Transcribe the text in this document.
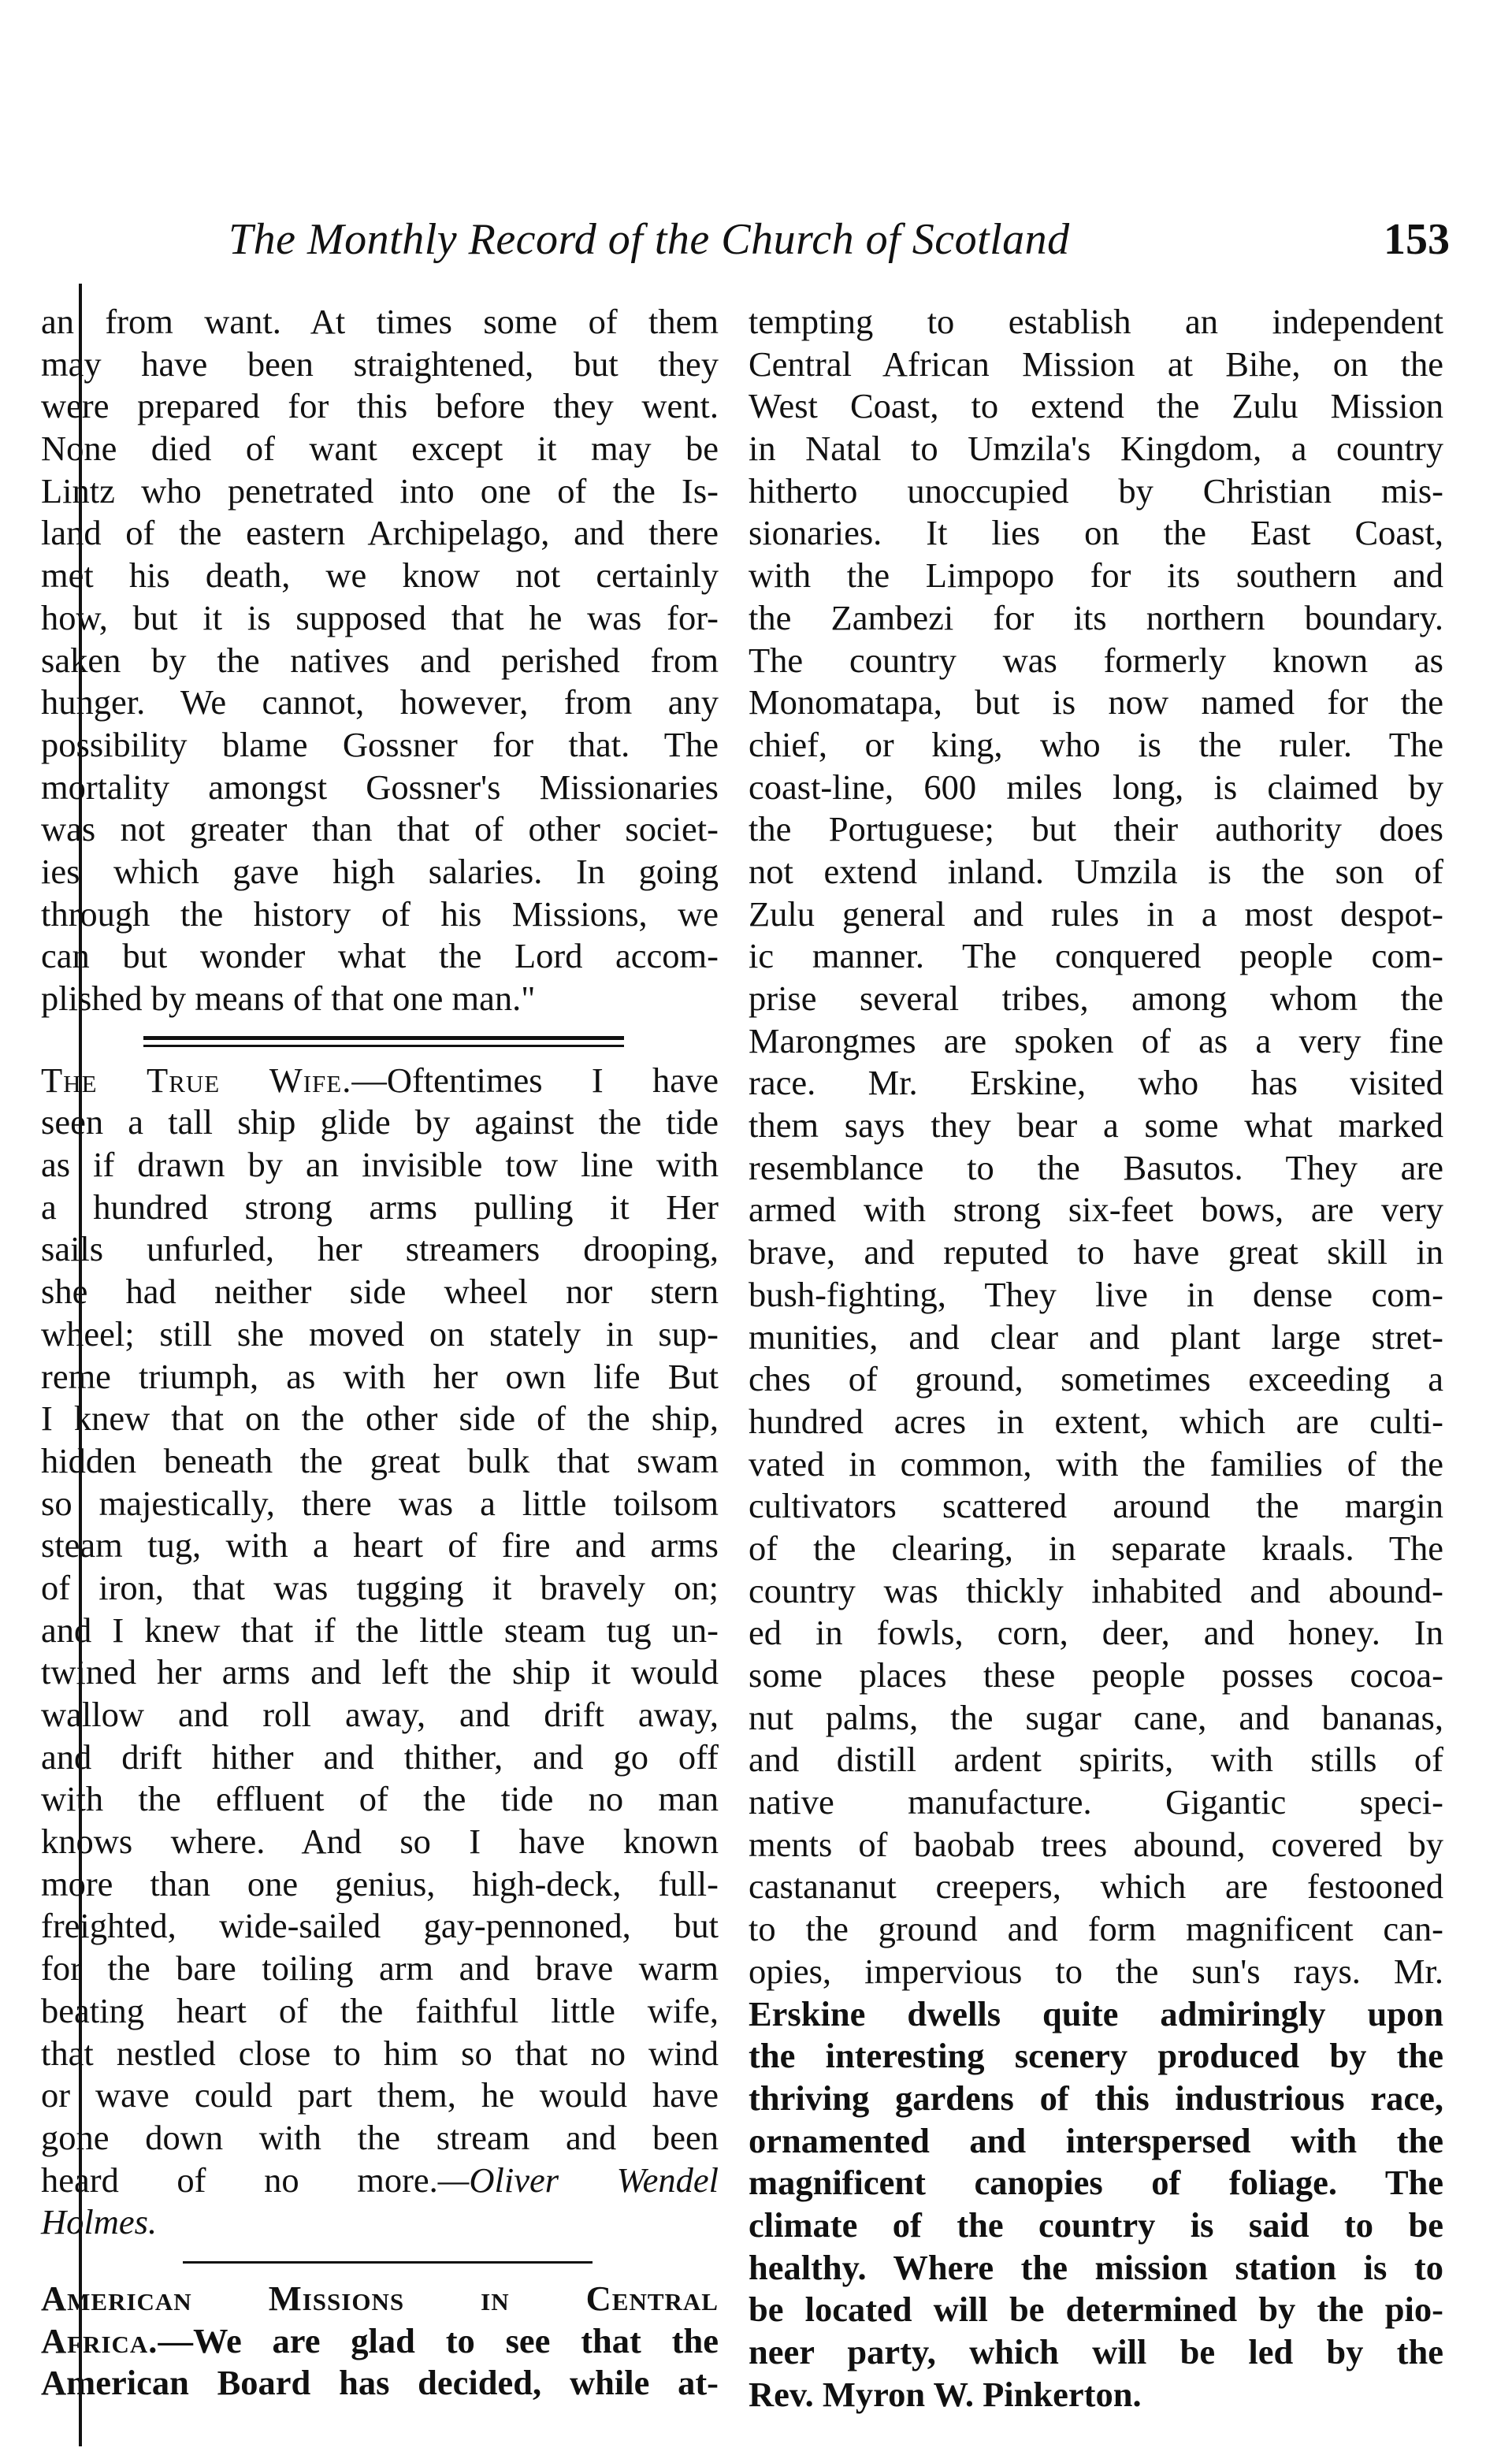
The Monthly Record of the Church of Scotland	153
an from want. At times some of them
may have been straightened, but they
were prepared for this before they went.
None died of want except it may be
Lintz who penetrated into one of the Is-
land of the eastern Archipelago, and there
met his death, we know not certainly
how, but it is supposed that he was for-
saken by the natives and perished from
hunger. We cannot, however, from any
possibility blame Gossner for that. The
mortality amongst Gossner's Missionaries
was not greater than that of other societ-
ies which gave high salaries. In going
through the history of his Missions, we
can but wonder what the Lord accom-
plished by means of that one man."
The True Wife.—Oftentimes I have
seen a tall ship glide by against the tide
as if drawn by an invisible tow line with
a hundred strong arms pulling it Her
sails unfurled, her streamers drooping,
she had neither side wheel nor stern
wheel; still she moved on stately in sup-
reme triumph, as with her own life But
I knew that on the other side of the ship,
hidden beneath the great bulk that swam
so majestically, there was a little toilsom
steam tug, with a heart of fire and arms
of iron, that was tugging it bravely on;
and I knew that if the little steam tug un-
twined her arms and left the ship it would
wallow and roll away, and drift away,
and drift hither and thither, and go off
with the effluent of the tide no man
knows where. And so I have known
more than one genius, high-deck, full-
freighted, wide-sailed gay-pennoned, but
for the bare toiling arm and brave warm
beating heart of the faithful little wife,
that nestled close to him so that no wind
or wave could part them, he would have
gone down with the stream and been
heard of no more.—Oliver Wendel
Holmes.
American Missions in Central
Africa.—We are glad to see that the
American Board has decided, while at-
tempting to establish an independent
Central African Mission at Bihe, on the
West Coast, to extend the Zulu Mission
in Natal to Umzila's Kingdom, a country
hitherto unoccupied by Christian mis-
sionaries. It lies on the East Coast,
with the Limpopo for its southern and
the Zambezi for its northern boundary.
The country was formerly known as
Monomatapa, but is now named for the
chief, or king, who is the ruler. The
coast-line, 600 miles long, is claimed by
the Portuguese; but their authority does
not extend inland. Umzila is the son of
Zulu general and rules in a most despot-
ic manner. The conquered people com-
prise several tribes, among whom the
Marongmes are spoken of as a very fine
race. Mr. Erskine, who has visited
them says they bear a some what marked
resemblance to the Basutos. They are
armed with strong six-feet bows, are very
brave, and reputed to have great skill in
bush-fighting, They live in dense com-
munities, and clear and plant large stret-
ches of ground, sometimes exceeding a
hundred acres in extent, which are culti-
vated in common, with the families of the
cultivators scattered around the margin
of the clearing, in separate kraals. The
country was thickly inhabited and abound-
ed in fowls, corn, deer, and honey. In
some places these people posses cocoa-
nut palms, the sugar cane, and bananas,
and distill ardent spirits, with stills of
native manufacture. Gigantic speci-
ments of baobab trees abound, covered by
castananut creepers, which are festooned
to the ground and form magnificent can-
opies, impervious to the sun's rays. Mr.
Erskine dwells quite admiringly upon
the interesting scenery produced by the
thriving gardens of this industrious race,
ornamented and interspersed with the
magnificent canopies of foliage. The
climate of the country is said to be
healthy. Where the mission station is to
be located will be determined by the pio-
neer party, which will be led by the
Rev. Myron W. Pinkerton.
